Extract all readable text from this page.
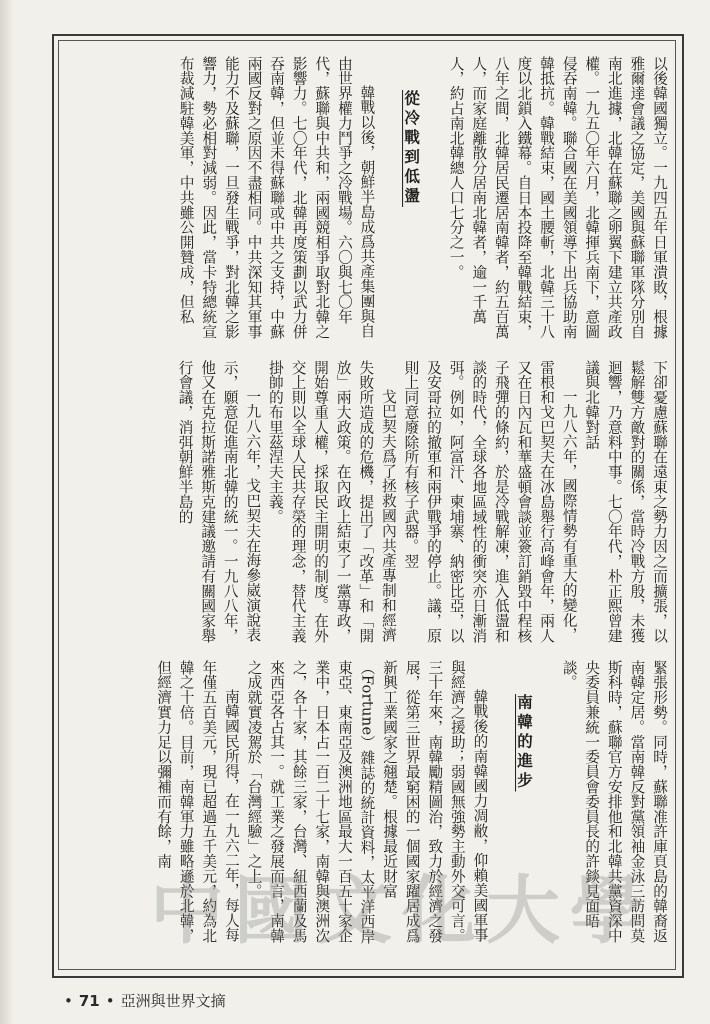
以後韓國獨立。一九四五年日軍潰敗，根據雅爾達會議之協定，美國與蘇聯軍隊分別自南北進據，北韓在蘇聯之卵翼下建立共產政權。一九五〇年六月，北韓揮兵南下，意圖侵吞南韓。聯合國在美國領導下出兵協助南韓抵抗。韓戰結束，國土腰斬，北韓三十八度以北鎖入鐵幕。自日本投降至韓戰結束，八年之間，北韓居民遷居南韓者，約五百萬人，而家庭離散分居南北韓者，逾一千萬人，約占南北韓總人口七分之一。

從冷戰到低盪

韓戰以後，朝鮮半島成爲共產集團與自由世界權力鬥爭之冷戰場。六〇與七〇年代，蘇聯與中共和，兩國競相爭取對北韓之影響力。七〇年代，北韓再度策劃以武力併吞南韓，但並未得蘇聯或中共之支持，中蘇兩國反對之原因不盡相同。中共深知其軍事能力不及蘇聯，一旦發生戰爭，對北韓之影響力，勢必相對減弱。因此，當卡特總統宣布裁減駐韓美軍，中共雖公開贊成，但私

下卻憂慮蘇聯在遠東之勢力因之而擴張，以鬆解雙方敵對的關係，當時冷戰方殷，未獲迴響，乃意料中事。七〇年代，朴正熙曾建議與北韓對話

一九八六年，國際情勢有重大的變化，雷根和戈巴契夫在冰島舉行高峰會年，兩人又在日內瓦和華盛頓會談並簽訂銷毀中程核子飛彈的條約，於是冷戰解凍，進入低盪和談的時代，全球各地區域性的衝突亦日漸消弭。例如，阿富汗、柬埔寨、納密比亞，以及安哥拉的撤軍和兩伊戰爭的停止。議，原則上同意廢除所有核子武器。翌

戈巴契夫爲了拯救國內共產專制和經濟失敗所造成的危機，提出了「改革」和「開放」兩大政策。在內政上結束了一黨專政，開始尊重人權，採取民主開明的制度。在外交上則以全球人民共存榮的理念，替代主義掛帥的布里茲涅夫主義。

一九八六年，戈巴契夫在海參崴演說表示，願意促進南北韓的統一。一九八八年，他又在克拉斯諾雅斯克建議邀請有關國家舉行會議，消弭朝鮮半島的

緊張形勢。同時，蘇聯准許庫頁島的韓裔返南韓定居。當南韓反對黨領袖金泳三訪問莫斯科時，蘇聯官方安排他和北韓共黨資深中央委員兼統一委員會委員長的許錟見面晤談。

南韓的進步

韓戰後的南韓國力凋敝，仰賴美國軍事與經濟之援助；弱國無強勢主動外交可言。三十年來，南韓勵精圖治，致力於經濟之發展，從第三世界最窮困的一個國家躍居成爲新興工業國家之翹楚。根據最近財富（Fortune）雜誌的統計資料，太平洋西岸東亞、東南亞及澳洲地區最大一百五十家企業中，日本占一百二十七家，南韓與澳洲次之，各十家，其餘三家，台灣、紐西蘭及馬來西亞各占其一。就工業之發展而言，南韓之成就實凌駕於「台灣經驗」之上。

南韓國民所得，在一九六二年，每人每年僅五百美元，現已超過五千美元，約為北韓之十倍。目前，南韓軍力雖略遜於北韓，但經濟實力足以彌補而有餘，南

中國文化大學
• 71 • 亞洲與世界文摘
